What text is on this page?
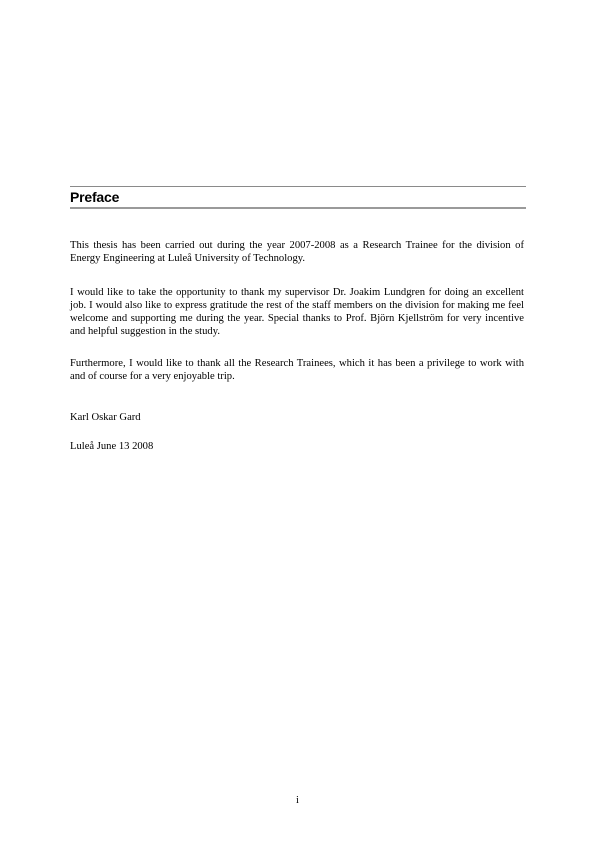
Preface

This thesis has been carried out during the year 2007-2008 as a Research Trainee for the division of Energy Engineering at Luleå University of Technology.

I would like to take the opportunity to thank my supervisor Dr. Joakim Lundgren for doing an excellent job. I would also like to express gratitude the rest of the staff members on the division for making me feel welcome and supporting me during the year. Special thanks to Prof. Björn Kjellström for very incentive and helpful suggestion in the study.

Furthermore, I would like to thank all the Research Trainees, which it has been a privilege to work with and of course for a very enjoyable trip.

Karl Oskar Gard

Luleå June 13 2008

i
